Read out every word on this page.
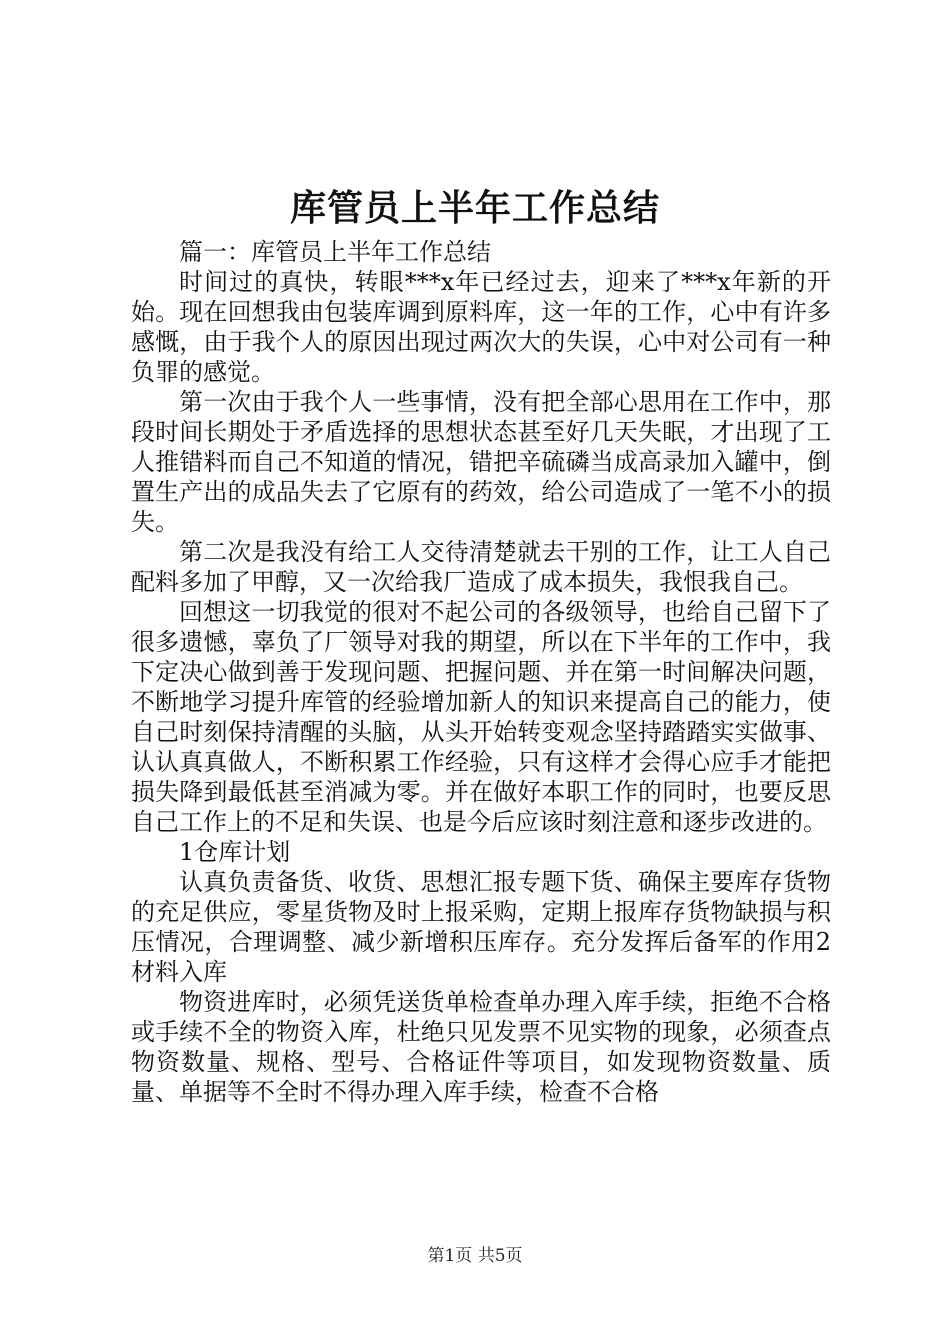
库管员上半年工作总结

篇一：库管员上半年工作总结

时间过的真快，转眼***x年已经过去，迎来了***x年新的开始。现在回想我由包装库调到原料库，这一年的工作，心中有许多感慨，由于我个人的原因出现过两次大的失误，心中对公司有一种负罪的感觉。

第一次由于我个人一些事情，没有把全部心思用在工作中，那段时间长期处于矛盾选择的思想状态甚至好几天失眠，才出现了工人推错料而自己不知道的情况，错把辛硫磷当成高录加入罐中，倒置生产出的成品失去了它原有的药效，给公司造成了一笔不小的损失。

第二次是我没有给工人交待清楚就去干别的工作，让工人自己配料多加了甲醇，又一次给我厂造成了成本损失，我恨我自己。

回想这一切我觉的很对不起公司的各级领导，也给自己留下了很多遗憾，辜负了厂领导对我的期望，所以在下半年的工作中，我下定决心做到善于发现问题、把握问题、并在第一时间解决问题，不断地学习提升库管的经验增加新人的知识来提高自己的能力，使自己时刻保持清醒的头脑，从头开始转变观念坚持踏踏实实做事、认认真真做人，不断积累工作经验，只有这样才会得心应手才能把损失降到最低甚至消减为零。并在做好本职工作的同时，也要反思自己工作上的不足和失误、也是今后应该时刻注意和逐步改进的。

1仓库计划

认真负责备货、收货、思想汇报专题下货、确保主要库存货物的充足供应，零星货物及时上报采购，定期上报库存货物缺损与积压情况，合理调整、减少新增积压库存。充分发挥后备军的作用2材料入库

物资进库时，必须凭送货单检查单办理入库手续，拒绝不合格或手续不全的物资入库，杜绝只见发票不见实物的现象，必须查点物资数量、规格、型号、合格证件等项目，如发现物资数量、质量、单据等不全时不得办理入库手续，检查不合格

第1页 共5页
